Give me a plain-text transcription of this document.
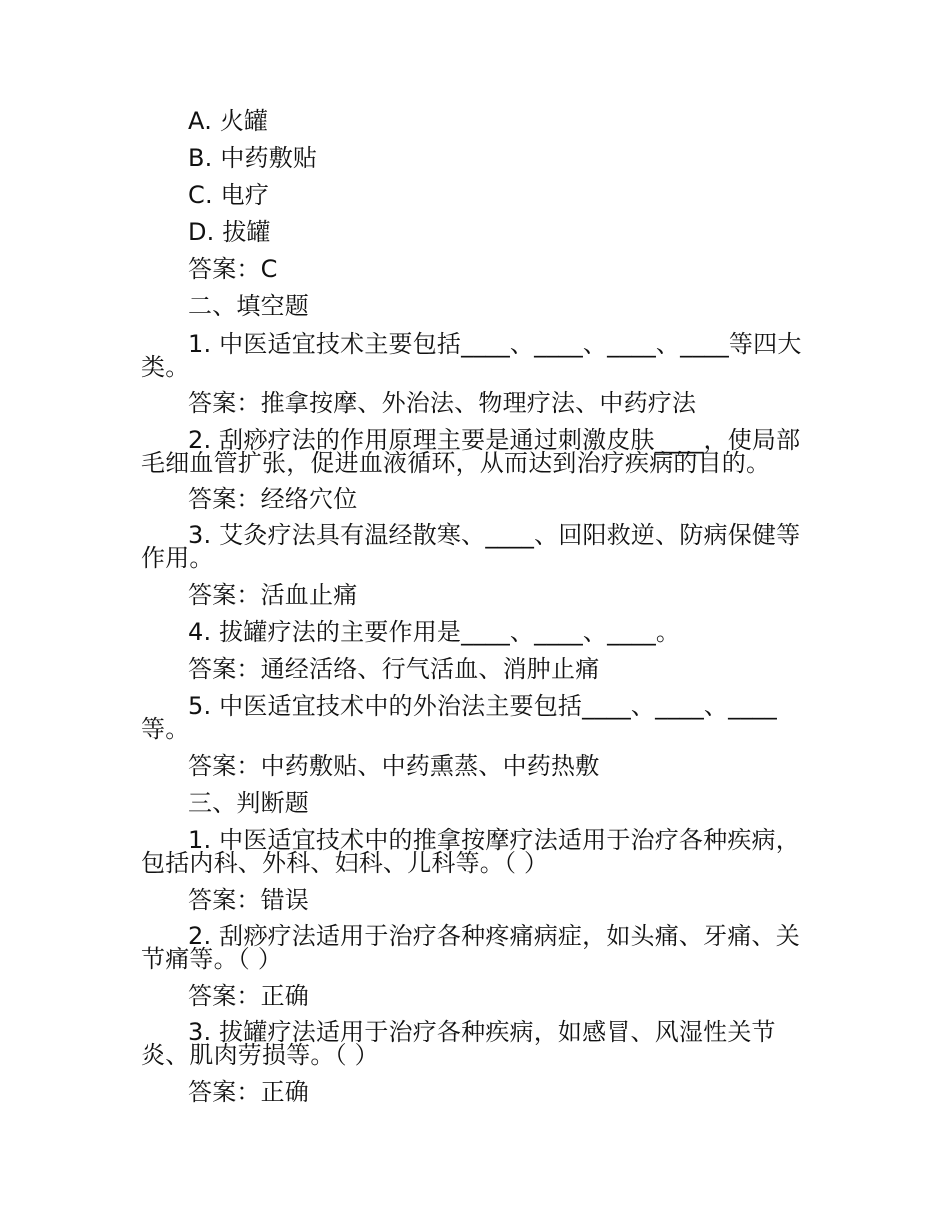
A. 火罐
B. 中药敷贴
C. 电疗
D. 拔罐
答案：C
二、填空题
1. 中医适宜技术主要包括____、____、____、____等四大
类。
答案：推拿按摩、外治法、物理疗法、中药疗法
2. 刮痧疗法的作用原理主要是通过刺激皮肤____，使局部
毛细血管扩张，促进血液循环，从而达到治疗疾病的目的。
答案：经络穴位
3. 艾灸疗法具有温经散寒、____、回阳救逆、防病保健等
作用。
答案：活血止痛
4. 拔罐疗法的主要作用是____、____、____。
答案：通经活络、行气活血、消肿止痛
5. 中医适宜技术中的外治法主要包括____、____、____
等。
答案：中药敷贴、中药熏蒸、中药热敷
三、判断题
1. 中医适宜技术中的推拿按摩疗法适用于治疗各种疾病，
包括内科、外科、妇科、儿科等。（ ）
答案：错误
2. 刮痧疗法适用于治疗各种疼痛病症，如头痛、牙痛、关
节痛等。（ ）
答案：正确
3. 拔罐疗法适用于治疗各种疾病，如感冒、风湿性关节
炎、肌肉劳损等。（ ）
答案：正确
